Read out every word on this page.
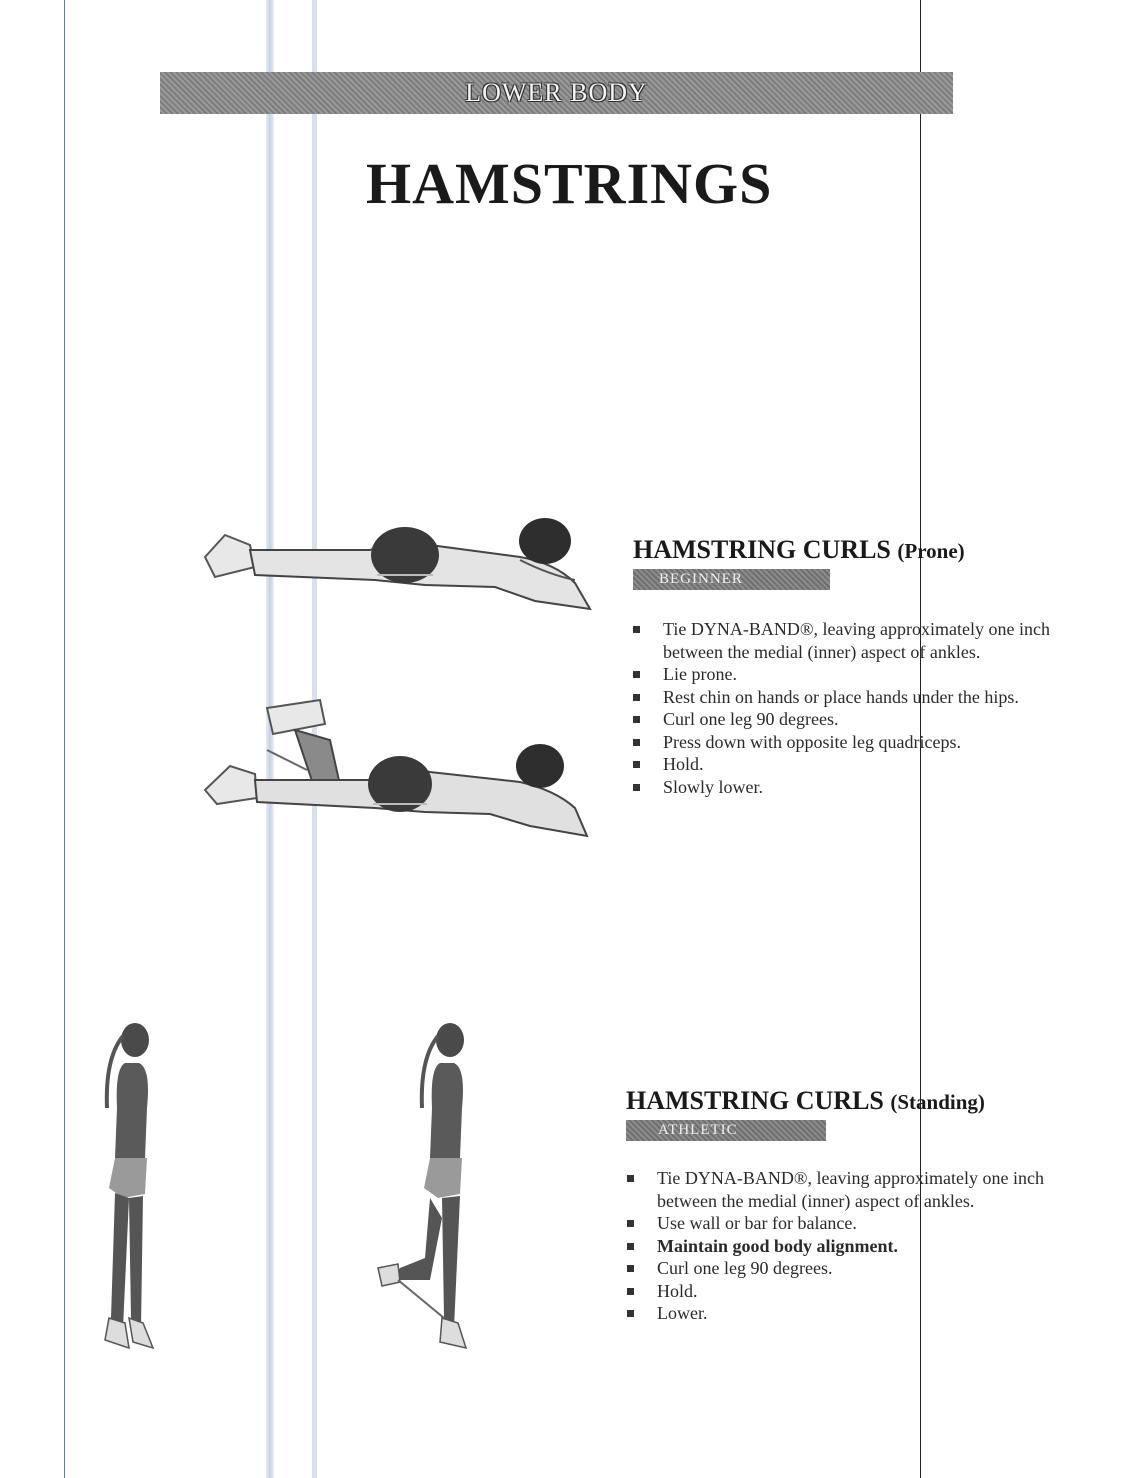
LOWER BODY
HAMSTRINGS
HAMSTRING CURLS (Prone)
BEGINNER
Tie DYNA-BAND®, leaving approximately one inch
between the medial (inner) aspect of ankles.
Lie prone.
Rest chin on hands or place hands under the hips.
Curl one leg 90 degrees.
Press down with opposite leg quadriceps.
Hold.
Slowly lower.
HAMSTRING CURLS (Standing)
ATHLETIC
Tie DYNA-BAND®, leaving approximately one inch
between the medial (inner) aspect of ankles.
Use wall or bar for balance.
Maintain good body alignment.
Curl one leg 90 degrees.
Hold.
Lower.
